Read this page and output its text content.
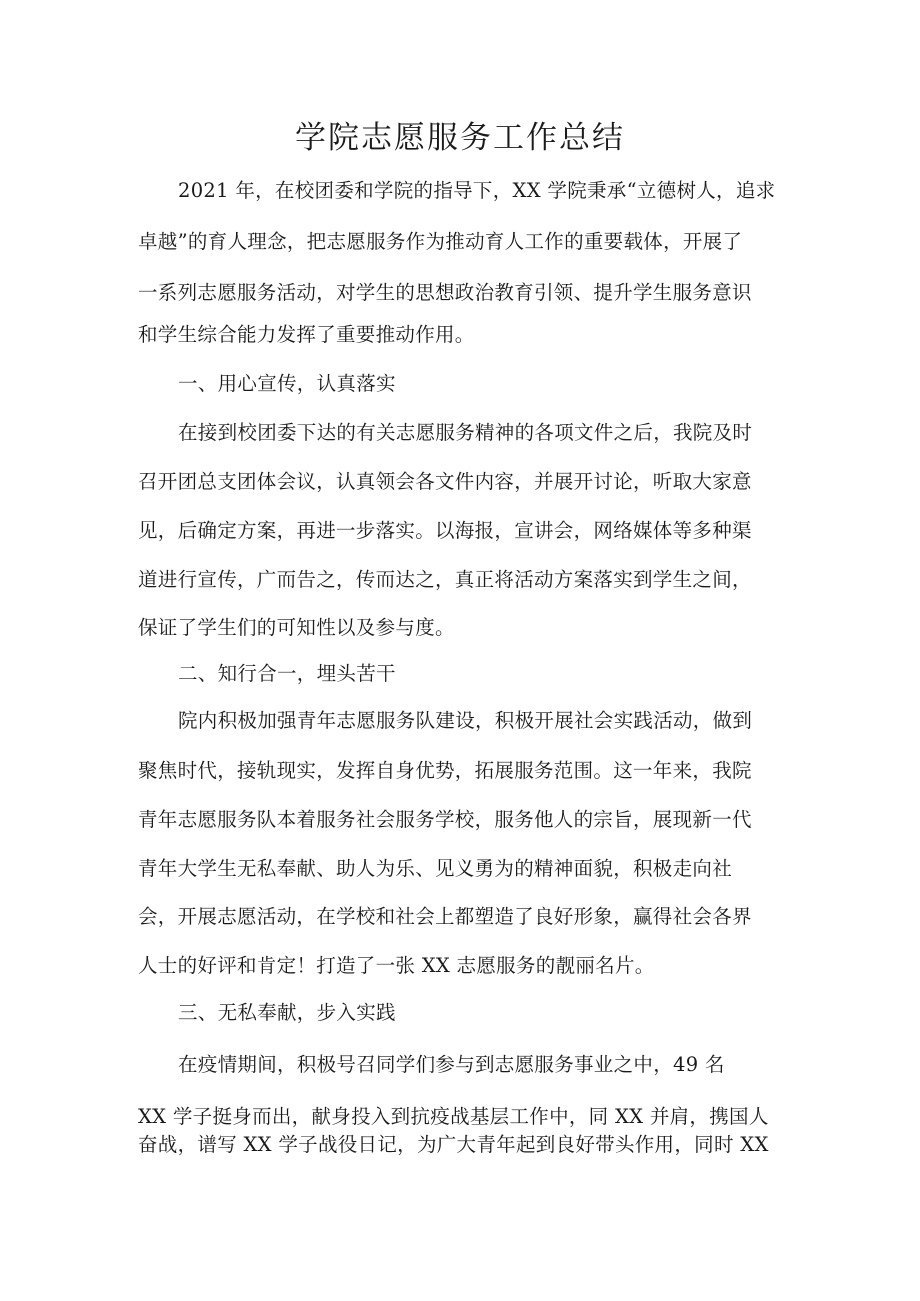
学院志愿服务工作总结
2021 年，在校团委和学院的指导下，XX 学院秉承“立德树人，追求
卓越”的育人理念，把志愿服务作为推动育人工作的重要载体，开展了
一系列志愿服务活动，对学生的思想政治教育引领、提升学生服务意识
和学生综合能力发挥了重要推动作用。
一、用心宣传，认真落实
在接到校团委下达的有关志愿服务精神的各项文件之后，我院及时
召开团总支团体会议，认真领会各文件内容，并展开讨论，听取大家意
见，后确定方案，再进一步落实。以海报，宣讲会，网络媒体等多种渠
道进行宣传，广而告之，传而达之，真正将活动方案落实到学生之间，
保证了学生们的可知性以及参与度。
二、知行合一，埋头苦干
院内积极加强青年志愿服务队建设，积极开展社会实践活动，做到
聚焦时代，接轨现实，发挥自身优势，拓展服务范围。这一年来，我院
青年志愿服务队本着服务社会服务学校，服务他人的宗旨，展现新一代
青年大学生无私奉献、助人为乐、见义勇为的精神面貌，积极走向社
会，开展志愿活动，在学校和社会上都塑造了良好形象，赢得社会各界
人士的好评和肯定！打造了一张 XX 志愿服务的靓丽名片。
三、无私奉献，步入实践
在疫情期间，积极号召同学们参与到志愿服务事业之中，49 名
XX 学子挺身而出，献身投入到抗疫战基层工作中，同 XX 并肩，携国人
奋战，谱写 XX 学子战役日记，为广大青年起到良好带头作用，同时 XX
